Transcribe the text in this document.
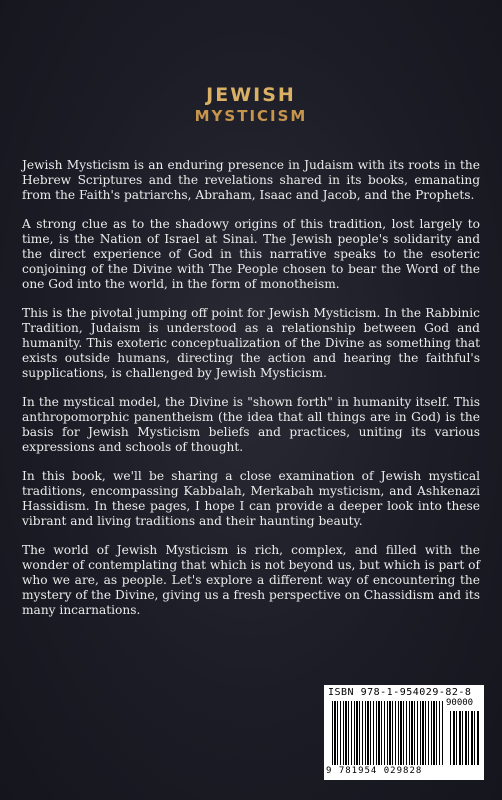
JEWISH
MYSTICISM

Jewish Mysticism is an enduring presence in Judaism with its roots in the Hebrew Scriptures and the revelations shared in its books, emanating from the Faith's patriarchs, Abraham, Isaac and Jacob, and the Prophets.

A strong clue as to the shadowy origins of this tradition, lost largely to time, is the Nation of Israel at Sinai. The Jewish people's solidarity and the direct experience of God in this narrative speaks to the esoteric conjoining of the Divine with The People chosen to bear the Word of the one God into the world, in the form of monotheism.

This is the pivotal jumping off point for Jewish Mysticism. In the Rabbinic Tradition, Judaism is understood as a relationship between God and humanity. This exoteric conceptualization of the Divine as something that exists outside humans, directing the action and hearing the faithful's supplications, is challenged by Jewish Mysticism.

In the mystical model, the Divine is "shown forth" in humanity itself. This anthropomorphic panentheism (the idea that all things are in God) is the basis for Jewish Mysticism beliefs and practices, uniting its various expressions and schools of thought.

In this book, we'll be sharing a close examination of Jewish mystical traditions, encompassing Kabbalah, Merkabah mysticism, and Ashkenazi Hassidism. In these pages, I hope I can provide a deeper look into these vibrant and living traditions and their haunting beauty.

The world of Jewish Mysticism is rich, complex, and filled with the wonder of contemplating that which is not beyond us, but which is part of who we are, as people. Let's explore a different way of encountering the mystery of the Divine, giving us a fresh perspective on Chassidism and its many incarnations.

ISBN 978-1-954029-82-8
90000
9 781954 029828
